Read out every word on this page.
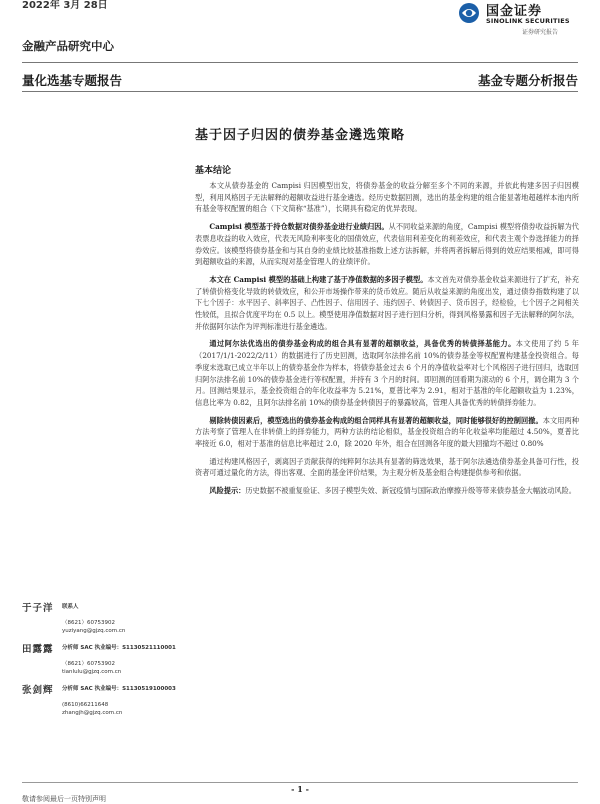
2022年 3月 28日	国金证券
SINOLINK SECURITIES
证券研究报告
金融产品研究中心
量化选基专题报告	基金专题分析报告
基于因子归因的债券基金遴选策略
基本结论

本文从债券基金的 Campisi 归因模型出发，将债券基金的收益分解至多个不同的来源，并依此构建多因子归因模型，利用风格因子无法解释的超额收益进行基金遴选。经历史数据回测，选出的基金构建的组合能显著地超越样本池内所有基金等权配置的组合（下文简称“基准”），长期具有稳定的优异表现。

Campisi 模型基于持仓数据对债券基金进行业绩归因。从不同收益来源的角度，Campisi 模型将债券收益拆解为代表票息收益的收入效应，代表无风险利率变化的国债效应，代表信用利差变化的利差效应，和代表主观个券选择能力的择券效应。该模型将债券基金和与其自身的业绩比较基准指数上述方法拆解，并将两者拆解后得到的效应结果相减，即可得到超额收益的来源，从而实现对基金管理人的业绩评价。

本文在 Campisi 模型的基础上构建了基于净值数据的多因子模型。本文首先对债券基金收益来源进行了扩充，补充了转债价格变化导致的转债效应，和公开市场操作带来的货币效应。随后从收益来源的角度出发，通过债券指数构建了以下七个因子：水平因子、斜率因子、凸性因子、信用因子、违约因子、转债因子、货币因子，经检验，七个因子之间相关性较低，且拟合优度平均在 0.5 以上。模型使用净值数据对因子进行回归分析，得到风格暴露和因子无法解释的阿尔法，并依据阿尔法作为评判标准进行基金遴选。

通过阿尔法优选出的债券基金构成的组合具有显著的超额收益，具备优秀的转债择基能力。本文使用了约 5 年（2017/1/1-2022/2/11）的数据进行了历史回测，选取阿尔法排名前 10%的债券基金等权配置构建基金投资组合。每季度末选取已成立半年以上的债券基金作为样本，将债券基金过去 6 个月的净值收益率对七个风格因子进行回归，选取回归阿尔法排名前 10%的债券基金进行等权配置，并持有 3 个月的时间。即回测的回看期为滚动的 6 个月，调仓期为 3 个月。回测结果显示，基金投资组合的年化收益率为 5.21%，夏普比率为 2.91，相对于基准的年化超额收益为 1.23%，信息比率为 0.82，且阿尔法排名前 10%的债券基金转债因子的暴露较高，管理人具备优秀的转债择券能力。

剔除转债因素后，模型选出的债券基金构成的组合同样具有显著的超额收益，同时能够很好的控制回撤。本文用两种方法考察了管理人在非转债上的择券能力，两种方法的结论相似，基金投资组合的年化收益率均能超过 4.50%，夏普比率接近 6.0，相对于基准的信息比率超过 2.0，除 2020 年外，组合在回测各年度的最大回撤均不超过 0.80%

通过构建风格因子，剥离因子贡献获得的纯粹阿尔法具有显著的筛选效果，基于阿尔法遴选债券基金具备可行性，投资者可通过量化的方法，得出客观、全面的基金评价结果，为主观分析及基金组合构建提供参考和依据。

风险提示：历史数据不被重复验证、多因子模型失效、新冠疫情与国际政治摩擦升级等带来债券基金大幅波动风险。

于子洋 联系人
（8621）60753902
yuziyang@gjzq.com.cn
田露露 分析师 SAC 执业编号：S1130521110001
（8621）60753902
tianlulu@gjzq.com.cn
张剑辉 分析师 SAC 执业编号：S1130519100003
(8610)66211648
zhangjh@gjzq.com.cn
- 1 -
敬请参阅最后一页特别声明
